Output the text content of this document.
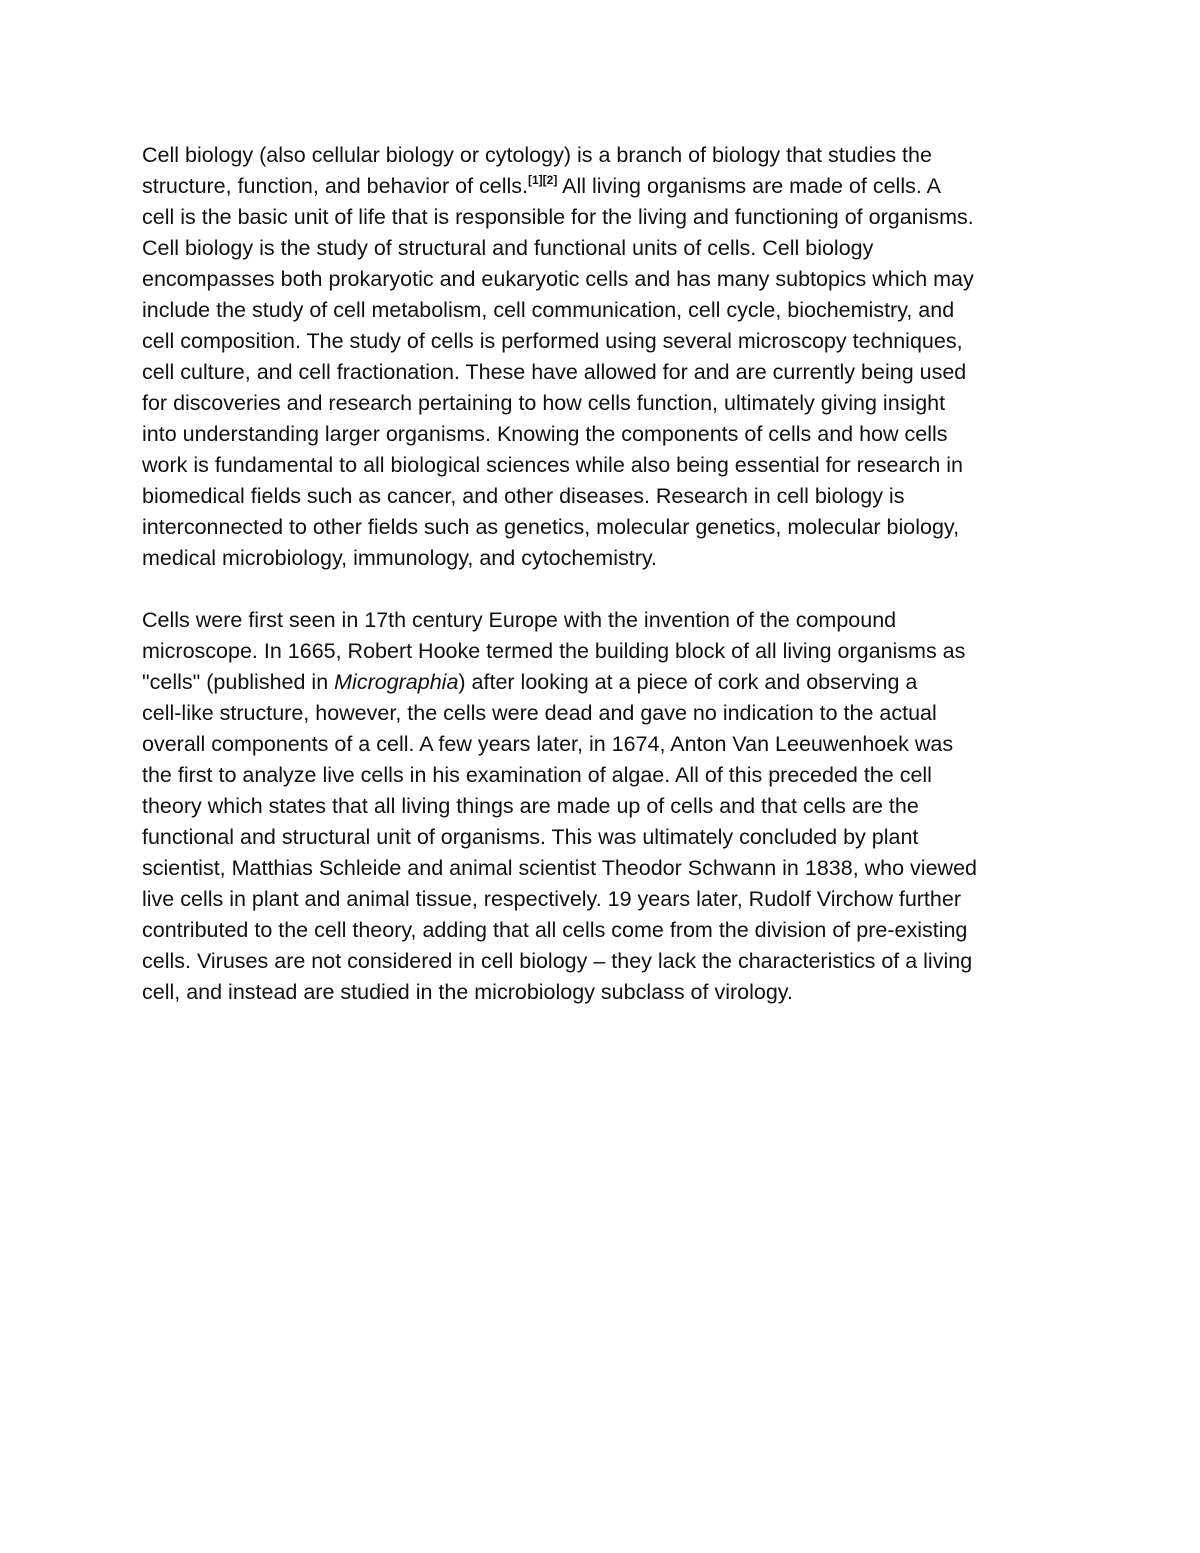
Cell biology (also cellular biology or cytology) is a branch of biology that studies the
structure, function, and behavior of cells.[1][2] All living organisms are made of cells. A
cell is the basic unit of life that is responsible for the living and functioning of organisms.
Cell biology is the study of structural and functional units of cells. Cell biology
encompasses both prokaryotic and eukaryotic cells and has many subtopics which may
include the study of cell metabolism, cell communication, cell cycle, biochemistry, and
cell composition. The study of cells is performed using several microscopy techniques,
cell culture, and cell fractionation. These have allowed for and are currently being used
for discoveries and research pertaining to how cells function, ultimately giving insight
into understanding larger organisms. Knowing the components of cells and how cells
work is fundamental to all biological sciences while also being essential for research in
biomedical fields such as cancer, and other diseases. Research in cell biology is
interconnected to other fields such as genetics, molecular genetics, molecular biology,
medical microbiology, immunology, and cytochemistry.

Cells were first seen in 17th century Europe with the invention of the compound
microscope. In 1665, Robert Hooke termed the building block of all living organisms as
"cells" (published in Micrographia) after looking at a piece of cork and observing a
cell-like structure, however, the cells were dead and gave no indication to the actual
overall components of a cell. A few years later, in 1674, Anton Van Leeuwenhoek was
the first to analyze live cells in his examination of algae. All of this preceded the cell
theory which states that all living things are made up of cells and that cells are the
functional and structural unit of organisms. This was ultimately concluded by plant
scientist, Matthias Schleide and animal scientist Theodor Schwann in 1838, who viewed
live cells in plant and animal tissue, respectively. 19 years later, Rudolf Virchow further
contributed to the cell theory, adding that all cells come from the division of pre-existing
cells. Viruses are not considered in cell biology – they lack the characteristics of a living
cell, and instead are studied in the microbiology subclass of virology.
